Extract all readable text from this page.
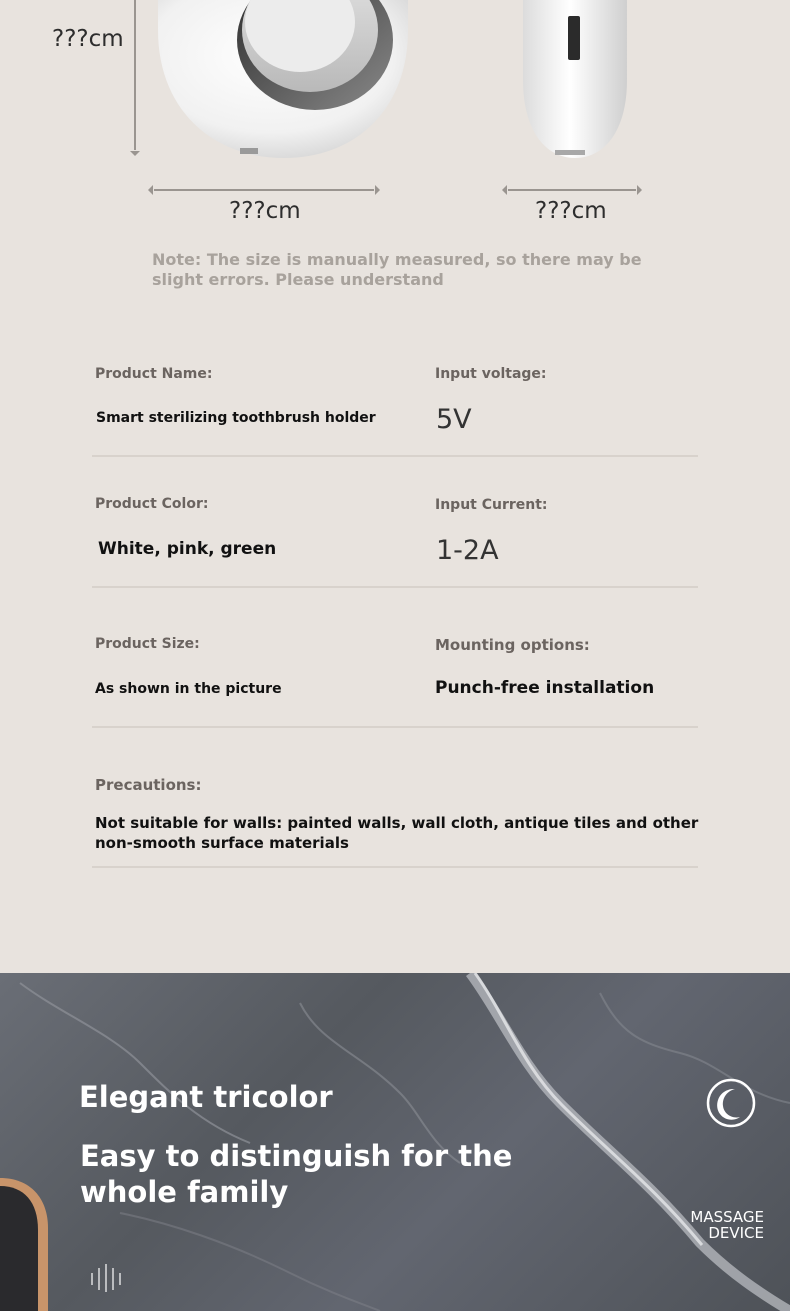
???cm
???cm	???cm
Note: The size is manually measured, so there may be slight errors. Please understand
Product Name:
Smart sterilizing toothbrush holder
Input voltage:
5V
Product Color:
White, pink, green
Input Current:
1-2A
Product Size:
As shown in the picture
Mounting options:
Punch-free installation
Precautions:
Not suitable for walls: painted walls, wall cloth, antique tiles and other non-smooth surface materials
Elegant tricolor
Easy to distinguish for the whole family
MASSAGE
DEVICE
